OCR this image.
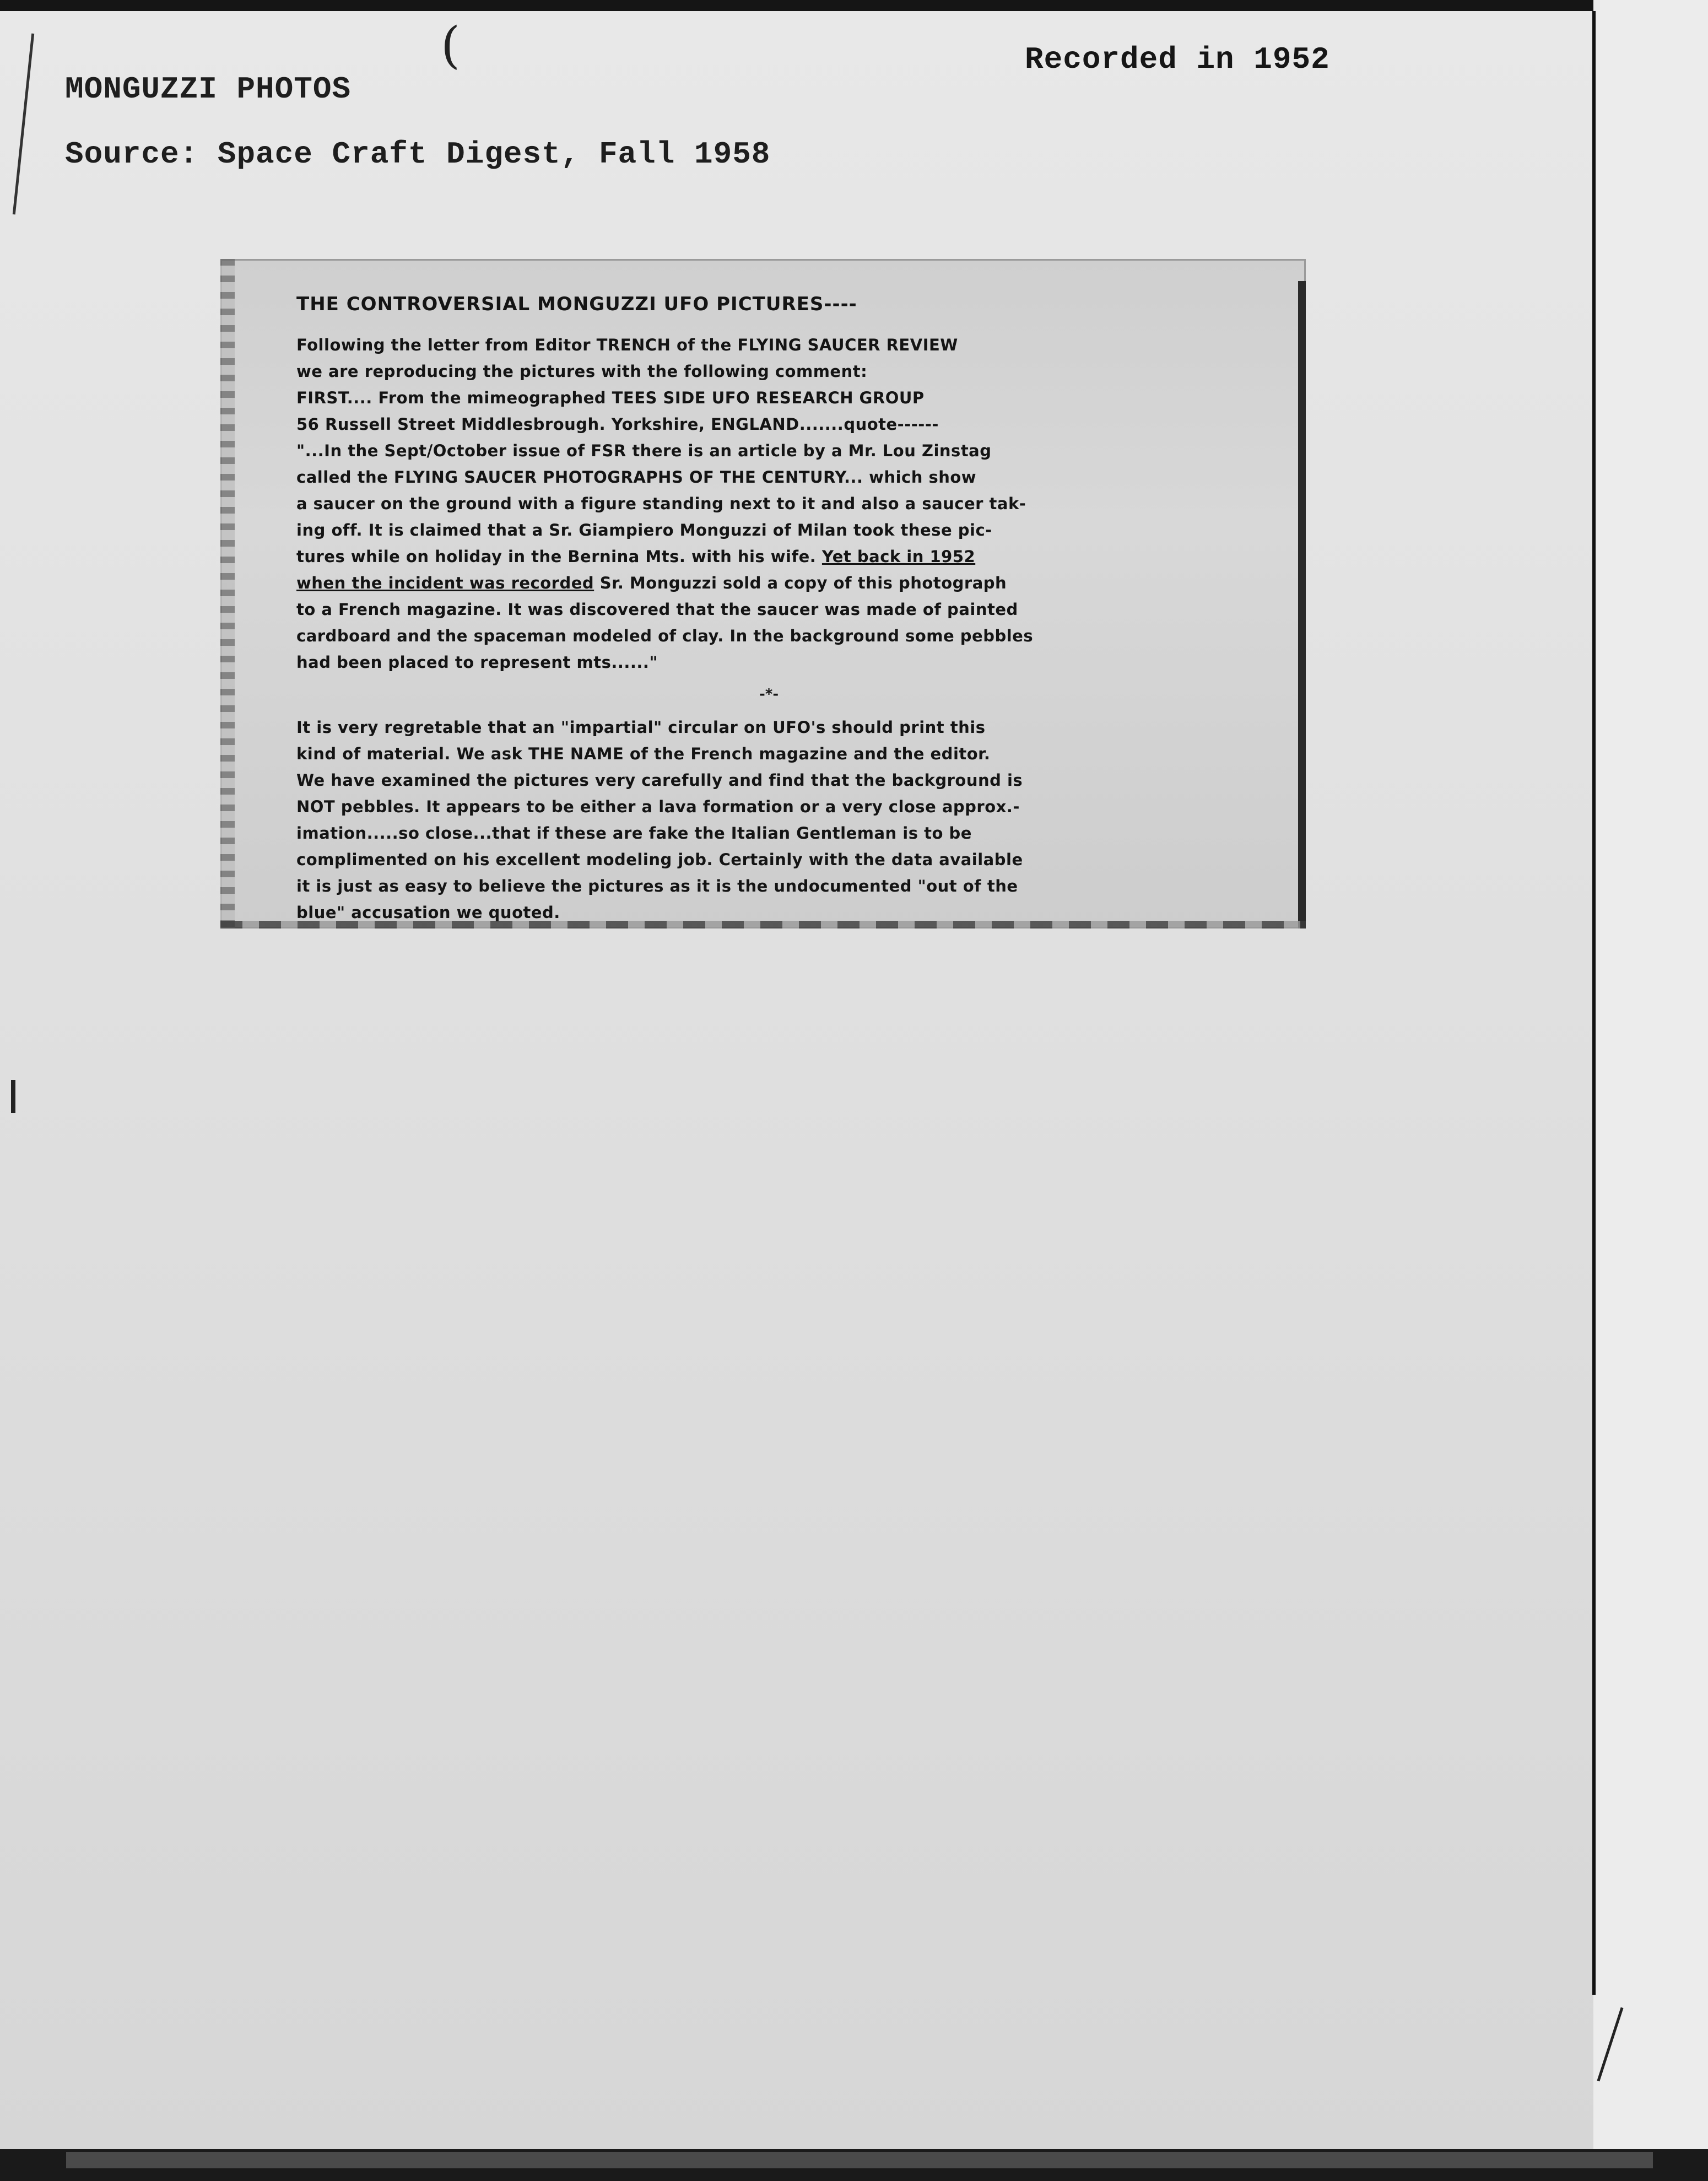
(
MONGUZZI PHOTOS
Source: Space Craft Digest, Fall 1958
Recorded in 1952
THE CONTROVERSIAL MONGUZZI UFO PICTURES----
Following the letter from Editor TRENCH of the FLYING SAUCER REVIEW
we are reproducing the pictures with the following comment:
FIRST.... From the mimeographed TEES SIDE UFO RESEARCH GROUP
56 Russell Street Middlesbrough. Yorkshire, ENGLAND.......quote------
"...In the Sept/October issue of FSR there is an article by a Mr. Lou Zinstag
called the FLYING SAUCER PHOTOGRAPHS OF THE CENTURY... which show
a saucer on the ground with a figure standing next to it and also a saucer tak-
ing off. It is claimed that a Sr. Giampiero Monguzzi of Milan took these pic-
tures while on holiday in the Bernina Mts. with his wife. Yet back in 1952
when the incident was recorded Sr. Monguzzi sold a copy of this photograph
to a French magazine. It was discovered that the saucer was made of painted
cardboard and the spaceman modeled of clay. In the background some pebbles
had been placed to represent mts......"
-*-
It is very regretable that an "impartial" circular on UFO's should print this
kind of material. We ask THE NAME of the French magazine and the editor.
We have examined the pictures very carefully and find that the background is
NOT pebbles. It appears to be either a lava formation or a very close approx.-
imation.....so close...that if these are fake the Italian Gentleman is to be
complimented on his excellent modeling job. Certainly with the data available
it is just as easy to believe the pictures as it is the undocumented "out of the
blue" accusation we quoted.
